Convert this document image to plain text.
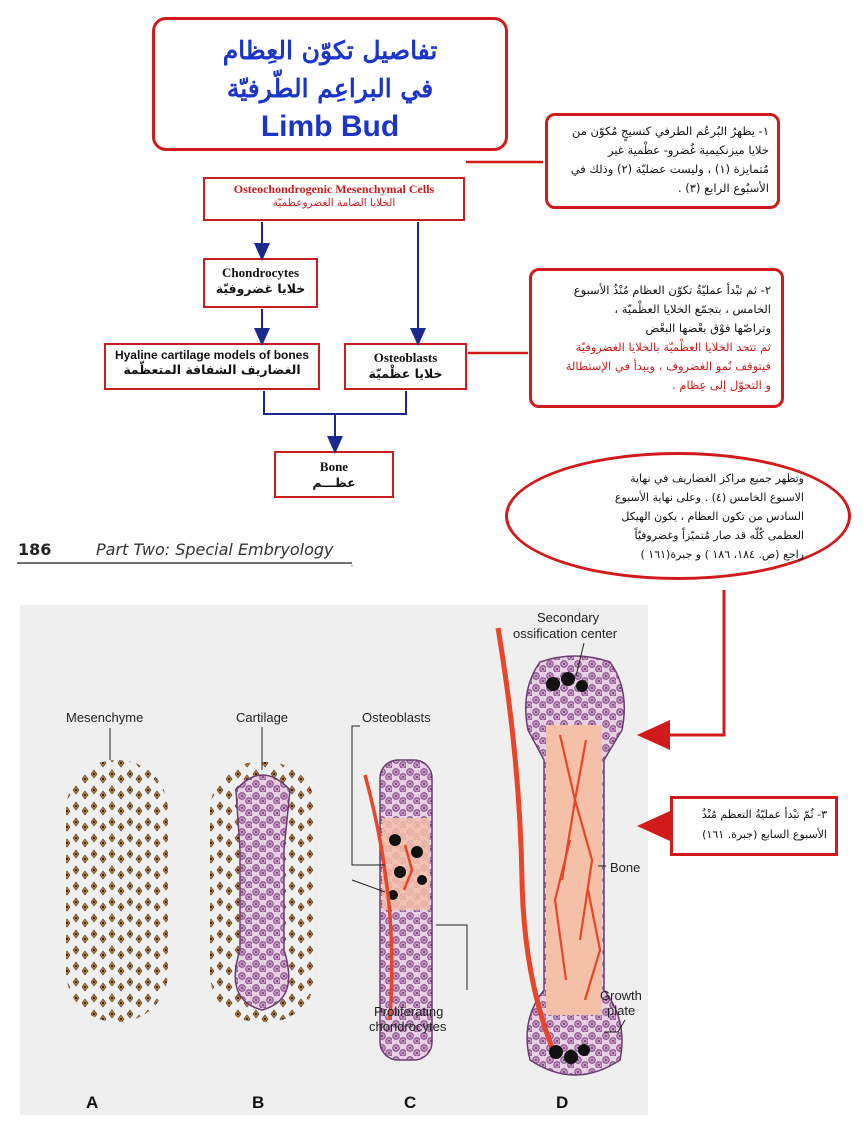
تفاصيل تكوّن العِظام
في البراعِم الطّرفيّة
Limb Bud	١- يظهرُ البُرعُم الطرفي كنسيجٍ مُكوّن من
خلايا ميزنكيمية غُضرو- عظْمية غير
مُتمايزة (١) ، وليست عضليّة (٢) وذلك في
الأسبُوع الرابع (٣) .
٢- ثم تبْدأ عمليّةُ تكوّن العظام مُنْذُ الأسبوع
الخامس ، بتجمّع الخلايا العظْميّة ،
وتراصّها فوْق بعْضها البعْض
ثم تتحد الخلايا العظْميّة بالخلايا الغضروفيّة
فيتوقف نُمو الغضروف ، ويبدأ في الإستطالة
و التحوّل إلى عِظام .
Osteochondrogenic Mesenchymal Cells
الخلايا الضامة الغضروعظميّة
Chondrocytes
خلايا غضروفيّة
Hyaline cartilage models of bones
الغضاريف الشفافة المتعظّمة
Osteoblasts
خلايا عظْميّة
Bone
عظـــم	وتظهر جميع مراكز الغضاريف في نهاية
الاسبوع الخامس (٤) . وعلى نهاية الأسبوع
السادس من تكون العظام ، يكون الهيكل
العظمى كُلّه قد صار مُتميّزاً وغضروفيّاً
راجع (ص. ١٨٤، ١٨٦ ) و جبرة(١٦١ )
186	Part Two: Special Embryology
٣- ثُمّ تبْدأ عمليّةُ التعظم مُنْذُ
الأسبوع السابع (جبرة. ١٦١)
Mesenchyme	Cartilage	Osteoblasts
Secondary
ossification center
Bone
Growth
plate
Proliferating
chondrocytes
A	B	C	D
